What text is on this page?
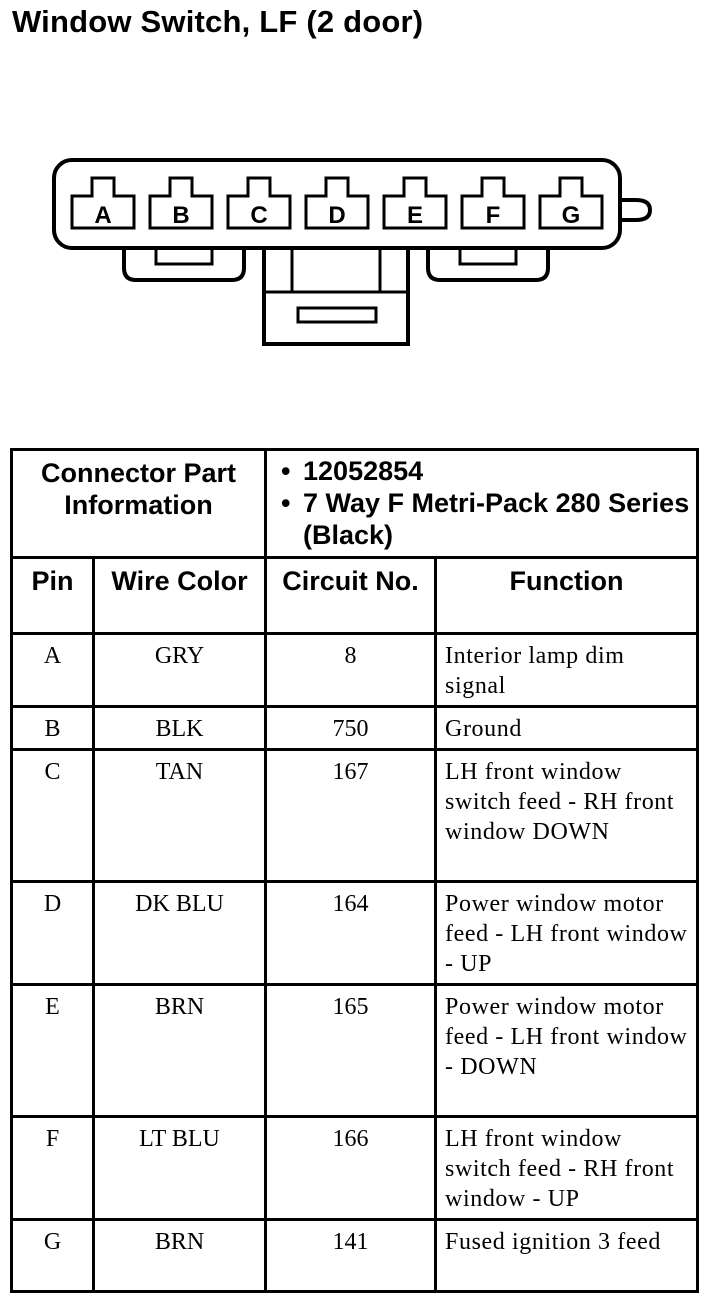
Window Switch, LF (2 door)
A	B	C	D	E	F	G
Connector Part Information		• 12052854
• 7 Way F Metri-Pack 280 Series (Black)

Pin	Wire Color	Circuit No.	Function
A	GRY	8	Interior lamp dim signal
B	BLK	750	Ground
C	TAN	167	LH front window switch feed - RH front window DOWN
D	DK BLU	164	Power window motor feed - LH front window - UP
E	BRN	165	Power window motor feed - LH front window - DOWN
F	LT BLU	166	LH front window switch feed - RH front window - UP
G	BRN	141	Fused ignition 3 feed
